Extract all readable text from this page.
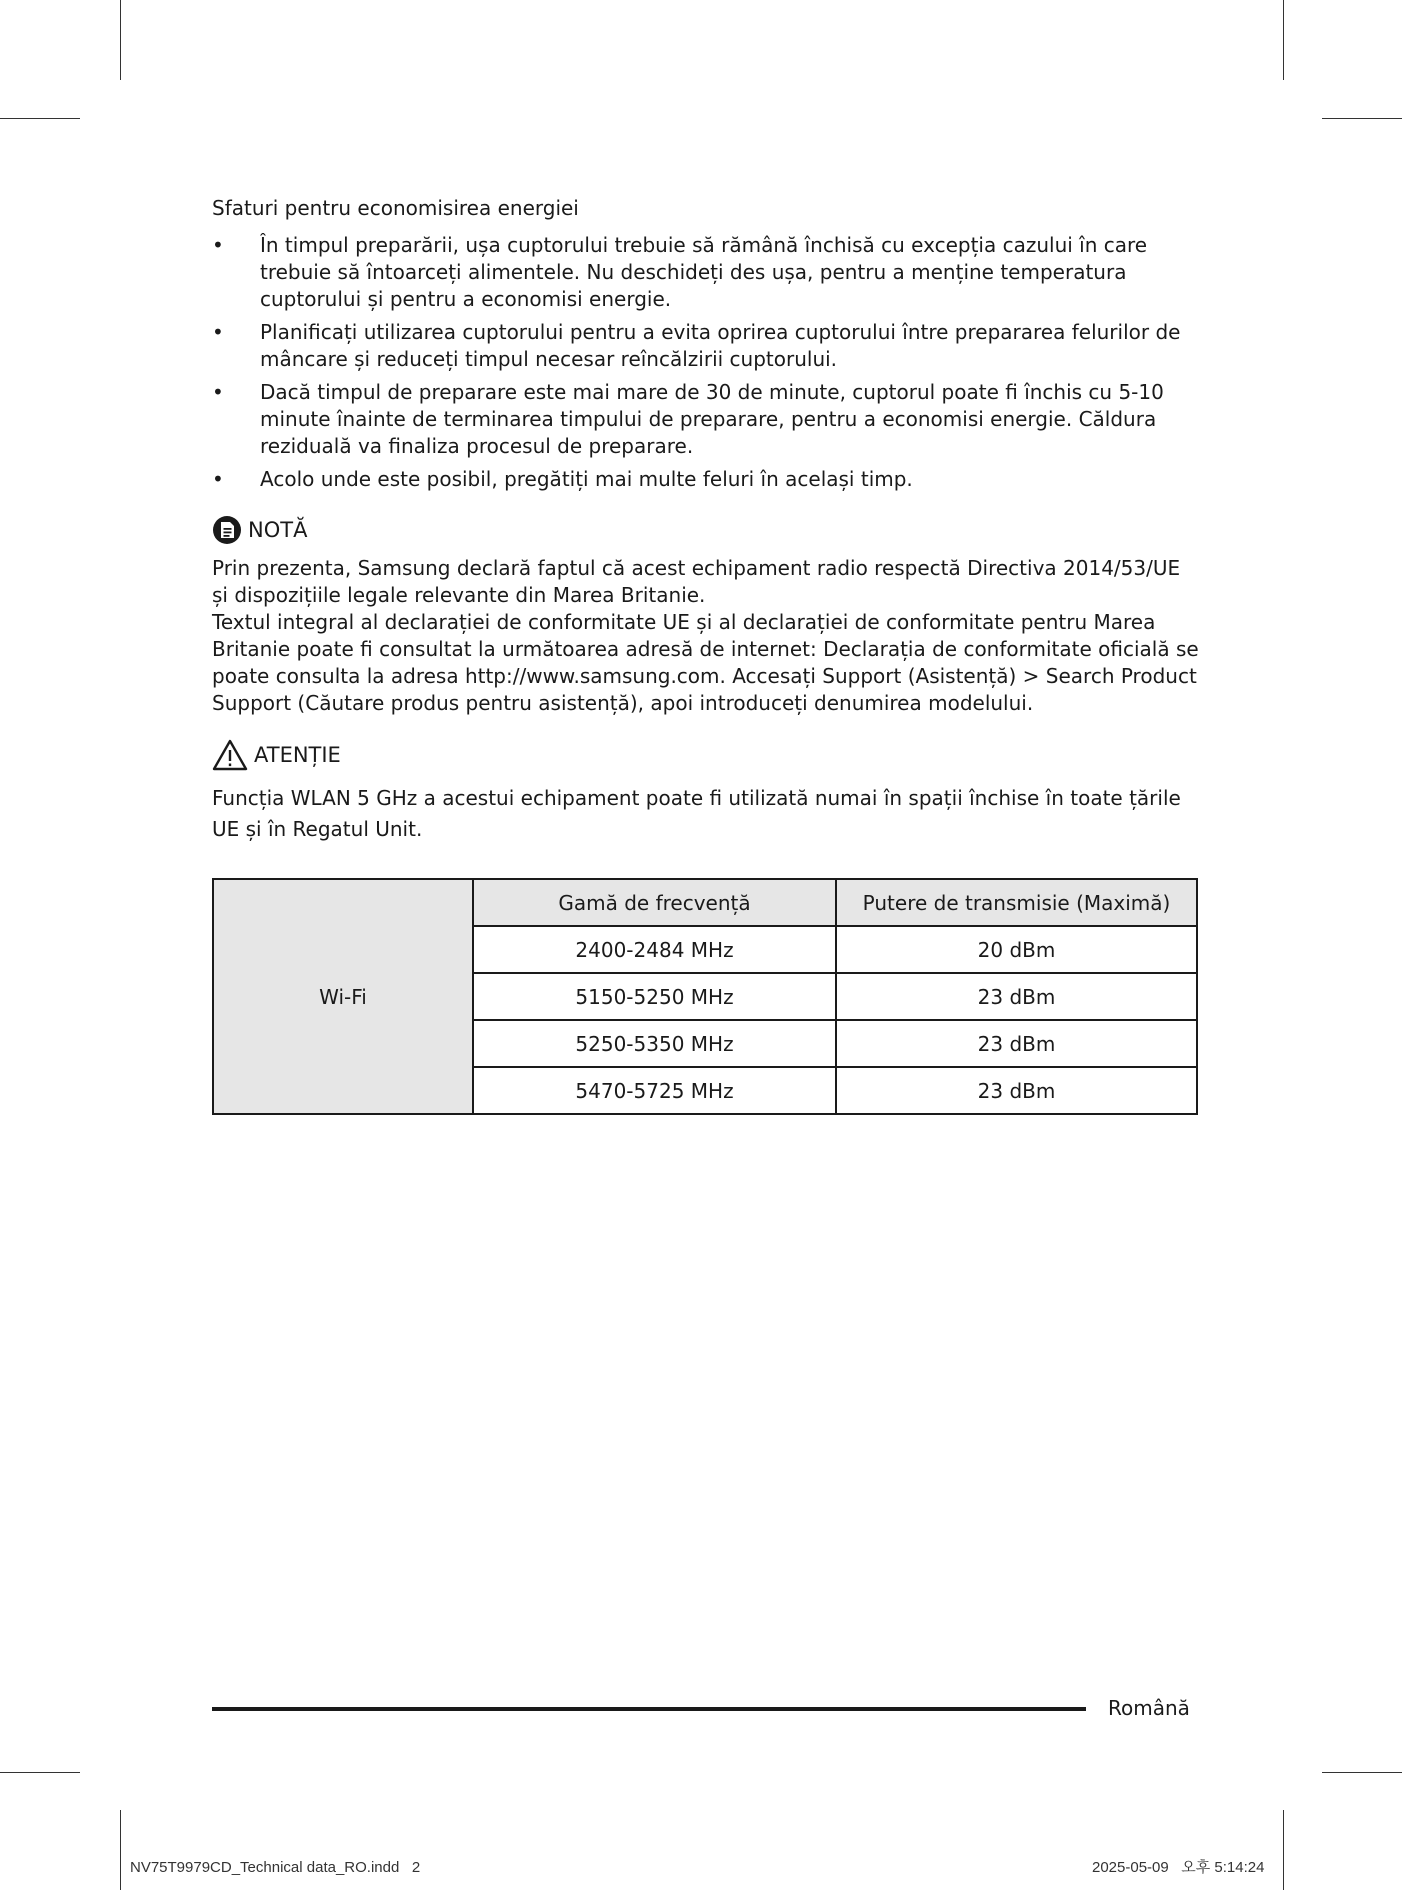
Sfaturi pentru economisirea energiei
•	În timpul preparării, ușa cuptorului trebuie să rămână închisă cu excepția cazului în care trebuie să întoarceți alimentele. Nu deschideți des ușa, pentru a menține temperatura cuptorului și pentru a economisi energie.
•	Planificați utilizarea cuptorului pentru a evita oprirea cuptorului între prepararea felurilor de mâncare și reduceți timpul necesar reîncălzirii cuptorului.
•	Dacă timpul de preparare este mai mare de 30 de minute, cuptorul poate fi închis cu 5-10 minute înainte de terminarea timpului de preparare, pentru a economisi energie. Căldura reziduală va finaliza procesul de preparare.
•	Acolo unde este posibil, pregătiți mai multe feluri în același timp.
NOTĂ

Prin prezenta, Samsung declară faptul că acest echipament radio respectă Directiva 2014/53/UE și dispozițiile legale relevante din Marea Britanie.

Textul integral al declarației de conformitate UE și al declarației de conformitate pentru Marea Britanie poate fi consultat la următoarea adresă de internet: Declarația de conformitate oficială se poate consulta la adresa http://www.samsung.com. Accesați Support (Asistență) > Search Product Support (Căutare produs pentru asistență), apoi introduceți denumirea modelului.

ATENȚIE

Funcția WLAN 5 GHz a acestui echipament poate fi utilizată numai în spații închise în toate țările UE și în Regatul Unit.

Wi-Fi	Gamă de frecvență	Putere de transmisie (Maximă)
	2400-2484 MHz	20 dBm
	5150-5250 MHz	23 dBm
	5250-5350 MHz	23 dBm
	5470-5725 MHz	23 dBm
Română
NV75T9979CD_Technical data_RO.indd   2	2025-05-09   오후 5:14:24
